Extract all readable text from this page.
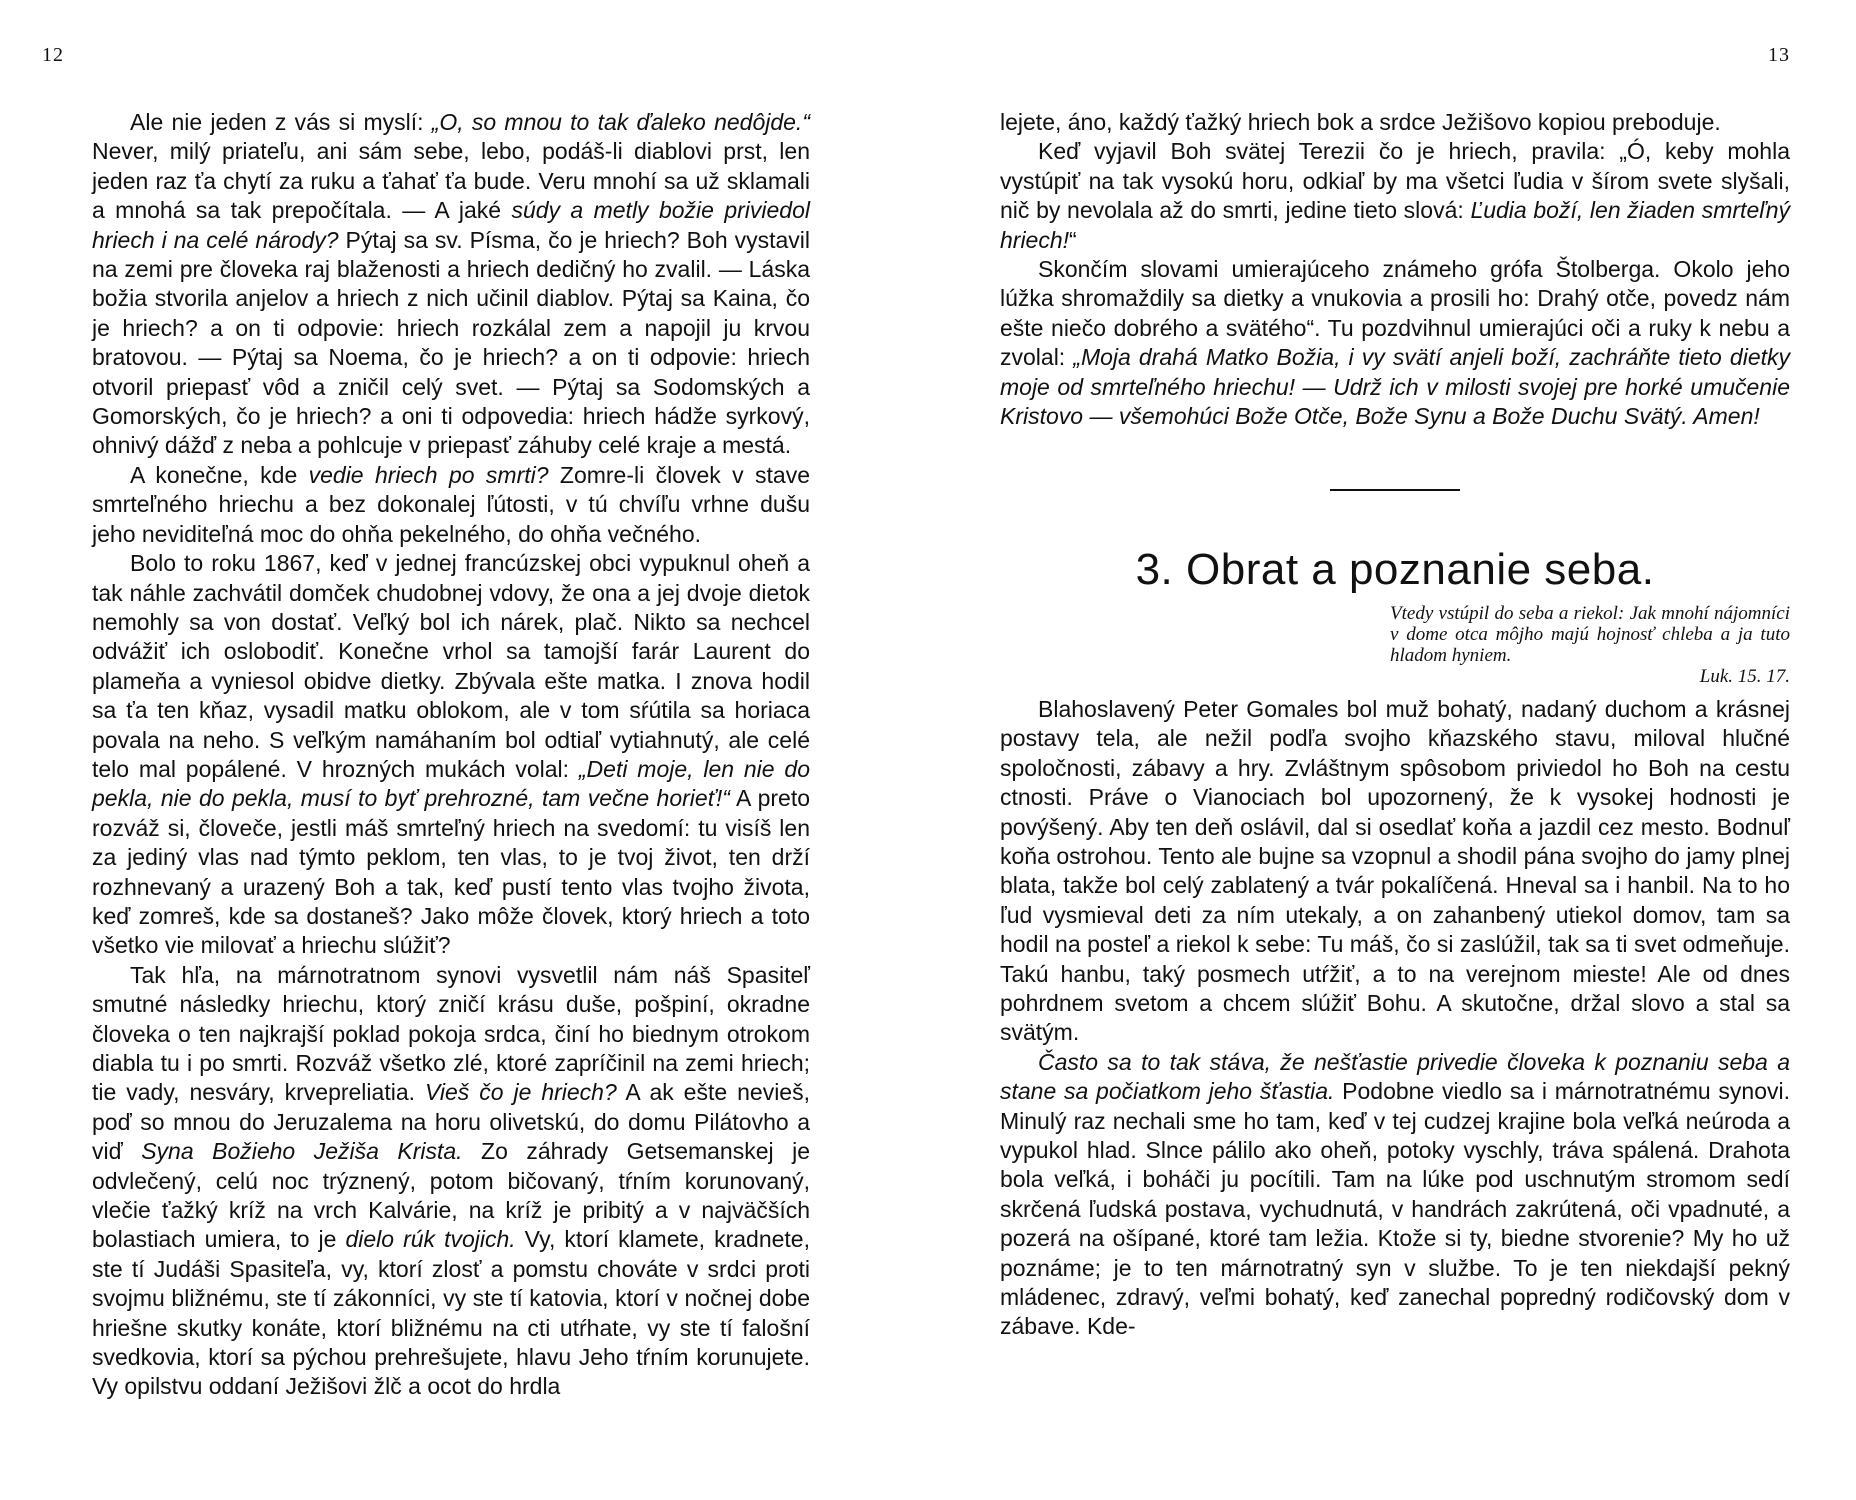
12

Ale nie jeden z vás si myslí: „O, so mnou to tak ďaleko nedôjde.“ Never, milý priateľu, ani sám sebe, lebo, podáš-li diablovi prst, len jeden raz ťa chytí za ruku a ťahať ťa bude. Veru mnohí sa už sklamali a mnohá sa tak prepočítala. — A jaké súdy a metly božie priviedol hriech i na celé národy? Pýtaj sa sv. Písma, čo je hriech? Boh vystavil na zemi pre človeka raj blaženosti a hriech dedičný ho zvalil. — Láska božia stvorila anjelov a hriech z nich učinil diablov. Pýtaj sa Kaina, čo je hriech? a on ti odpovie: hriech rozkálal zem a napojil ju krvou bratovou. — Pýtaj sa Noema, čo je hriech? a on ti odpovie: hriech otvoril priepasť vôd a zničil celý svet. — Pýtaj sa Sodomských a Gomorských, čo je hriech? a oni ti odpovedia: hriech hádže syrkový, ohnivý dážď z neba a pohlcuje v priepasť záhuby celé kraje a mestá.

A konečne, kde vedie hriech po smrti? Zomre-li človek v stave smrteľného hriechu a bez dokonalej ľútosti, v tú chvíľu vrhne dušu jeho neviditeľná moc do ohňa pekelného, do ohňa večného.

Bolo to roku 1867, keď v jednej francúzskej obci vypuknul oheň a tak náhle zachvátil domček chudobnej vdovy, že ona a jej dvoje dietok nemohly sa von dostať. Veľký bol ich nárek, plač. Nikto sa nechcel odvážiť ich oslobodiť. Konečne vrhol sa tamojší farár Laurent do plameňa a vyniesol obidve dietky. Zbývala ešte matka. I znova hodil sa ťa ten kňaz, vysadil matku oblokom, ale v tom sŕútila sa horiaca povala na neho. S veľkým namáhaním bol odtiaľ vytiahnutý, ale celé telo mal popálené. V hrozných mukách volal: „Deti moje, len nie do pekla, nie do pekla, musí to byť prehrozné, tam večne horieť!“ A preto rozváž si, človeče, jestli máš smrteľný hriech na svedomí: tu visíš len za jediný vlas nad týmto peklom, ten vlas, to je tvoj život, ten drží rozhnevaný a urazený Boh a tak, keď pustí tento vlas tvojho života, keď zomreš, kde sa dostaneš? Jako môže človek, ktorý hriech a toto všetko vie milovať a hriechu slúžiť?

Tak hľa, na márnotratnom synovi vysvetlil nám náš Spasiteľ smutné následky hriechu, ktorý zničí krásu duše, pošpiní, okradne človeka o ten najkrajší poklad pokoja srdca, činí ho biednym otrokom diabla tu i po smrti. Rozváž všetko zlé, ktoré zapríčinil na zemi hriech; tie vady, nesváry, krvepreliatia. Vieš čo je hriech? A ak ešte nevieš, poď so mnou do Jeruzalema na horu olivetskú, do domu Pilátovho a viď Syna Božieho Ježiša Krista. Zo záhrady Getsemanskej je odvlečený, celú noc trýznený, potom bičovaný, tŕním korunovaný, vlečie ťažký kríž na vrch Kalvárie, na kríž je pribitý a v najväčších bolastiach umiera, to je dielo rúk tvojich. Vy, ktorí klamete, kradnete, ste tí Judáši Spasiteľa, vy, ktorí zlosť a pomstu chováte v srdci proti svojmu bližnému, ste tí zákonníci, vy ste tí katovia, ktorí v nočnej dobe hriešne skutky konáte, ktorí bližnému na cti utŕhate, vy ste tí falošní svedkovia, ktorí sa pýchou prehrešujete, hlavu Jeho tŕním korunujete. Vy opilstvu oddaní Ježišovi žlč a ocot do hrdla

13

lejete, áno, každý ťažký hriech bok a srdce Ježišovo kopiou preboduje.

Keď vyjavil Boh svätej Terezii čo je hriech, pravila: „Ó, keby mohla vystúpiť na tak vysokú horu, odkiaľ by ma všetci ľudia v šírom svete slyšali, nič by nevolala až do smrti, jedine tieto slová: Ľudia boží, len žiaden smrteľný hriech!“

Skončím slovami umierajúceho známeho grófa Štolberga. Okolo jeho lúžka shromaždily sa dietky a vnukovia a prosili ho: Drahý otče, povedz nám ešte niečo dobrého a svätého“. Tu pozdvihnul umierajúci oči a ruky k nebu a zvolal: „Moja drahá Matko Božia, i vy svätí anjeli boží, zachráňte tieto dietky moje od smrteľného hriechu! — Udrž ich v milosti svojej pre horké umučenie Kristovo — všemohúci Bože Otče, Bože Synu a Bože Duchu Svätý. Amen!

3. Obrat a poznanie seba.
Vtedy vstúpil do seba a riekol: Jak mnohí nájomníci v dome otca môjho majú hojnosť chleba a ja tuto hladom hyniem.
Luk. 15. 17.

Blahoslavený Peter Gomales bol muž bohatý, nadaný duchom a krásnej postavy tela, ale nežil podľa svojho kňazského stavu, miloval hlučné spoločnosti, zábavy a hry. Zvláštnym spôsobom priviedol ho Boh na cestu ctnosti. Práve o Vianociach bol upozornený, že k vysokej hodnosti je povýšený. Aby ten deň oslávil, dal si osedlať koňa a jazdil cez mesto. Bodnuľ koňa ostrohou. Tento ale bujne sa vzopnul a shodil pána svojho do jamy plnej blata, takže bol celý zablatený a tvár pokalíčená. Hneval sa i hanbil. Na to ho ľud vysmieval deti za ním utekaly, a on zahanbený utiekol domov, tam sa hodil na posteľ a riekol k sebe: Tu máš, čo si zaslúžil, tak sa ti svet odmeňuje. Takú hanbu, taký posmech utŕžiť, a to na verejnom mieste! Ale od dnes pohrdnem svetom a chcem slúžiť Bohu. A skutočne, držal slovo a stal sa svätým.

Často sa to tak stáva, že nešťastie privedie človeka k poznaniu seba a stane sa počiatkom jeho šťastia. Podobne viedlo sa i márnotratnému synovi. Minulý raz nechali sme ho tam, keď v tej cudzej krajine bola veľká neúroda a vypukol hlad. Slnce pálilo ako oheň, potoky vyschly, tráva spálená. Drahota bola veľká, i boháči ju pocítili. Tam na lúke pod uschnutým stromom sedí skrčená ľudská postava, vychudnutá, v handrách zakrútená, oči vpadnuté, a pozerá na ošípané, ktoré tam ležia. Ktože si ty, biedne stvorenie? My ho už poznáme; je to ten márnotratný syn v službe. To je ten niekdajší pekný mládenec, zdravý, veľmi bohatý, keď zanechal popredný rodičovský dom v zábave. Kde-
